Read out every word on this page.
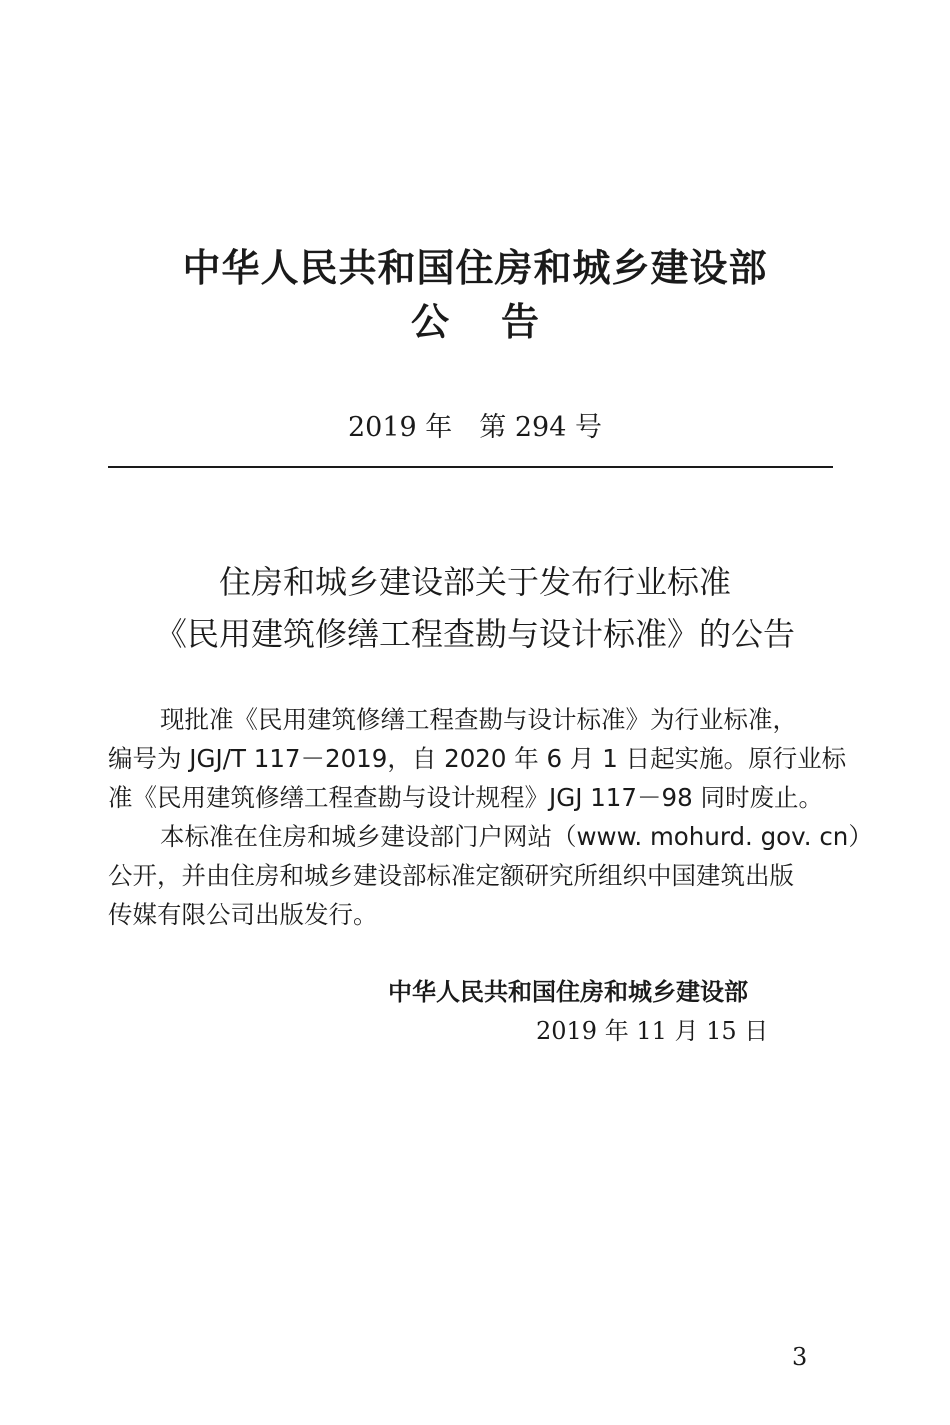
中华人民共和国住房和城乡建设部
公告
2019 年　第 294 号
住房和城乡建设部关于发布行业标准
《民用建筑修缮工程查勘与设计标准》的公告
现批准《民用建筑修缮工程查勘与设计标准》为行业标准，
编号为 JGJ/T 117－2019，自 2020 年 6 月 1 日起实施。原行业标
准《民用建筑修缮工程查勘与设计规程》JGJ 117－98 同时废止。
本标准在住房和城乡建设部门户网站（www. mohurd. gov. cn）
公开，并由住房和城乡建设部标准定额研究所组织中国建筑出版
传媒有限公司出版发行。
中华人民共和国住房和城乡建设部
2019 年 11 月 15 日
3
